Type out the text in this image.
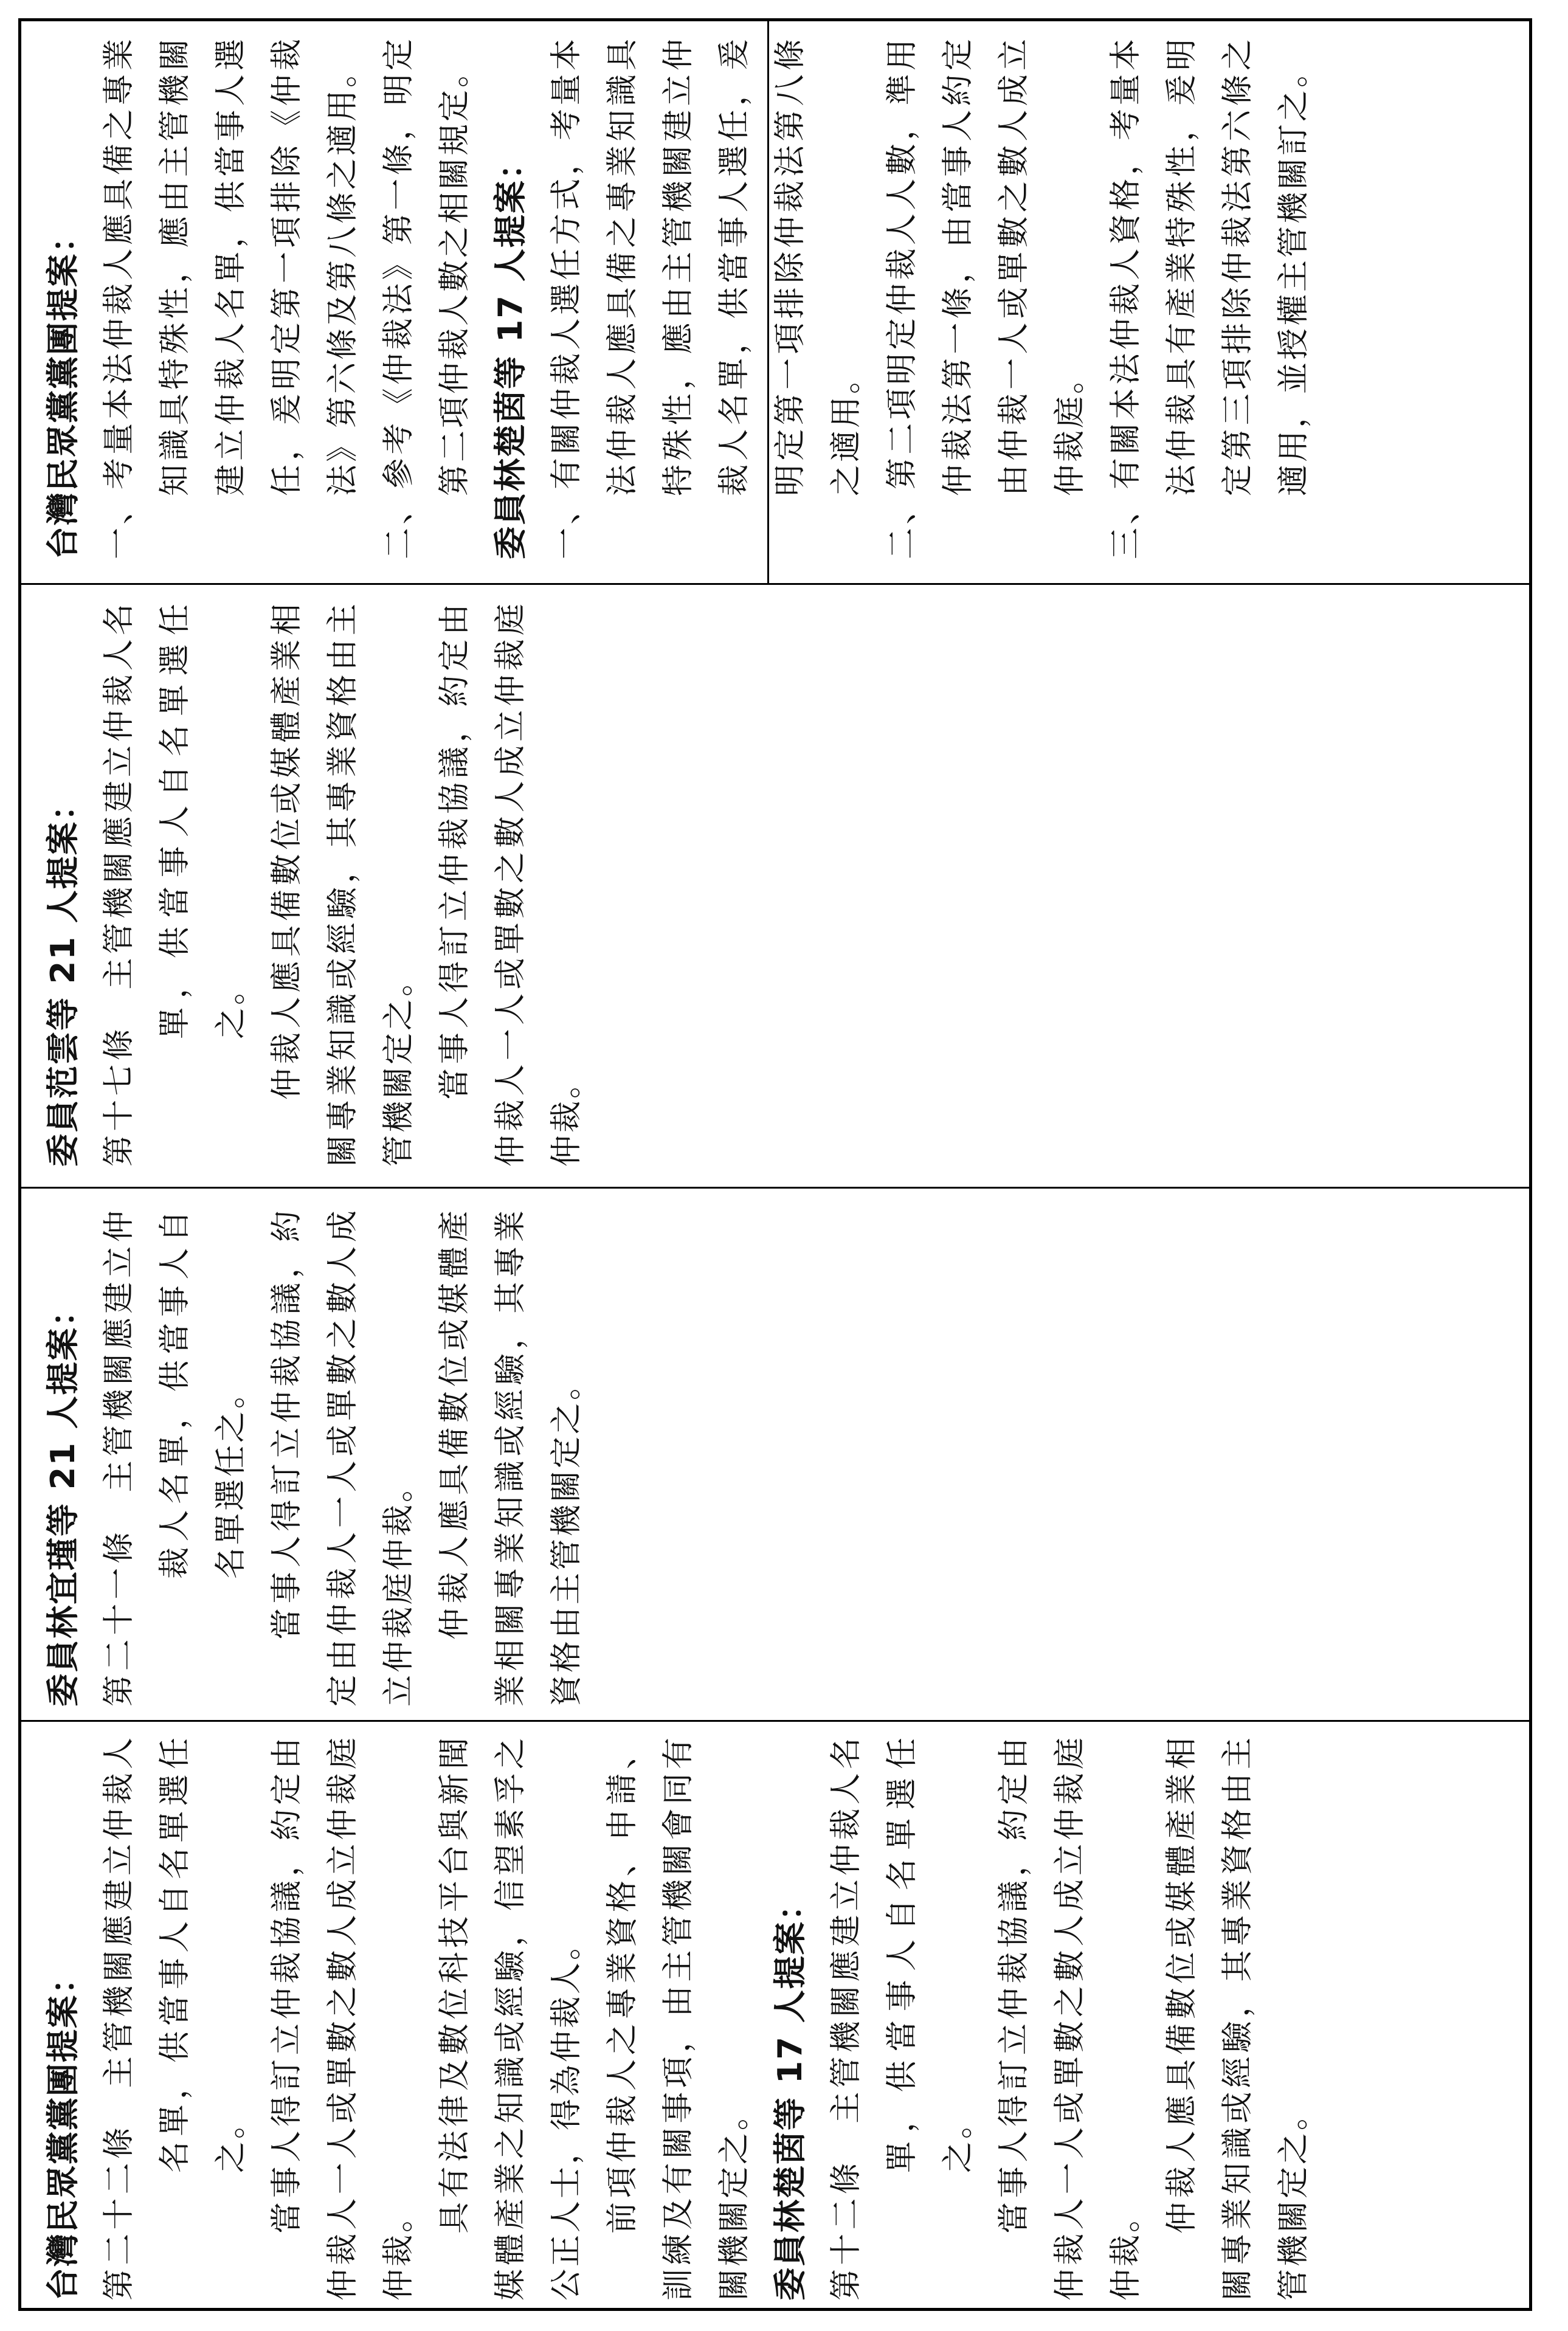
台灣民眾黨黨團提案： 一、考量本法仲裁人應具備之專業知識具特殊性，應由主管機關建立仲裁人名單，供當事人選任，爰明定第一項排除《仲裁法》第六條及第八條之適用。 二、參考《仲裁法》第一條，明定第二項仲裁人數之相關規定。 委員林楚茵等 17 人提案： 一、有關仲裁人選任方式，考量本法仲裁人應具備之專業知識具特殊性，應由主管機關建立仲裁人名單，供當事人選任，爰明定第一項排除仲裁法第八條之適用。 二、第二項明定仲裁人人數，準用仲裁法第一條，由當事人約定由仲裁一人或單數之數人成立仲裁庭。 三、有關本法仲裁人資格，考量本法仲裁具有產業特殊性，爰明定第三項排除仲裁法第六條之適用，並授權主管機關訂之。

委員范雲等 21 人提案： 第十七條　主管機關應建立仲裁人名單，供當事人自名單選任之。 仲裁人應具備數位或媒體產業相關專業知識或經驗，其專業資格由主管機關定之。 當事人得訂立仲裁協議，約定由仲裁人一人或單數之數人成立仲裁庭仲裁。

委員林宜瑾等 21 人提案： 第二十一條　主管機關應建立仲裁人名單，供當事人自名單選任之。 當事人得訂立仲裁協議，約定由仲裁人一人或單數之數人成立仲裁庭仲裁。 仲裁人應具備數位或媒體產業相關專業知識或經驗，其專業資格由主管機關定之。

台灣民眾黨黨團提案： 第二十二條　主管機關應建立仲裁人名單，供當事人自名單選任之。 當事人得訂立仲裁協議，約定由仲裁人一人或單數之數人成立仲裁庭仲裁。

具有法律及數位科技平台與新聞媒體產業之知識或經驗，信望素孚之公正人士，得為仲裁人。 前項仲裁人之專業資格、申請、訓練及有關事項，由主管機關會同有關機關定之。 委員林楚茵等 17 人提案： 第十二條　主管機關應建立仲裁人名單，供當事人自名單選任之。 當事人得訂立仲裁協議，約定由仲裁人一人或單數之數人成立仲裁庭仲裁。

仲裁人應具備數位或媒體產業相關專業知識或經驗，其專業資格由主管機關定之。
